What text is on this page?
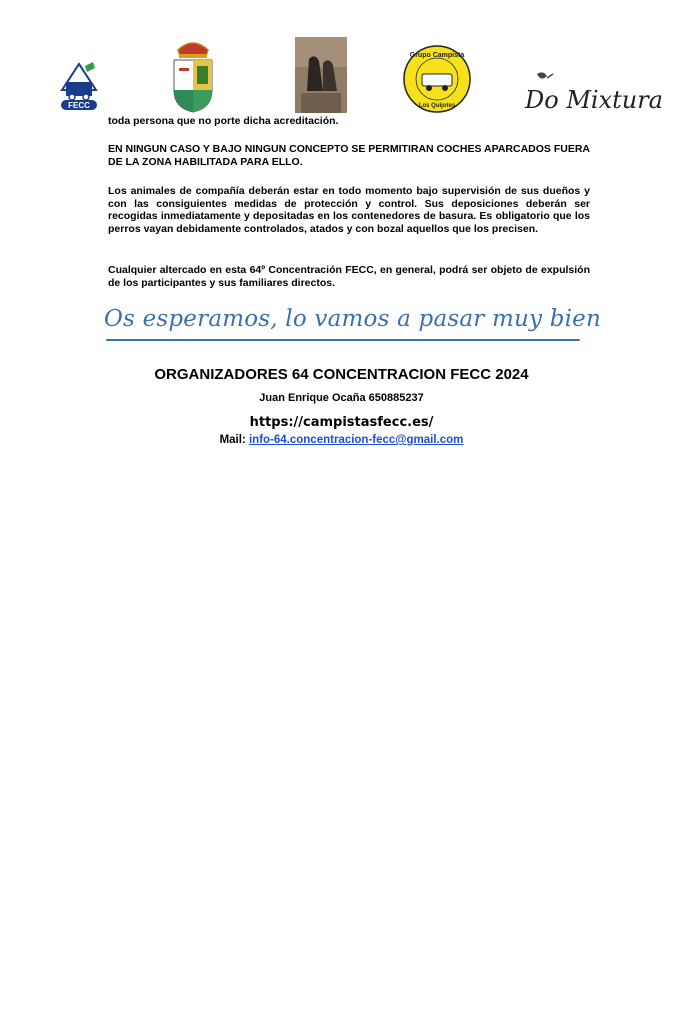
FECC
Grupo Campista
Los Quijotes	Do Mixtura

toda persona que no porte dicha acreditación.

EN NINGUN CASO Y BAJO NINGUN CONCEPTO SE PERMITIRAN COCHES APARCADOS FUERA DE LA ZONA HABILITADA PARA ELLO.

Los animales de compañía deberán estar en todo momento bajo supervisión de sus dueños y con las consiguientes medidas de protección y control. Sus deposiciones deberán ser recogidas inmediatamente y depositadas en los contenedores de basura. Es obligatorio que los perros vayan debidamente controlados, atados y con bozal aquellos que los precisen.

Cualquier altercado en esta 64º Concentración FECC, en general, podrá ser objeto de expulsión de los participantes y sus familiares directos.

Os esperamos, lo vamos a pasar muy bien
ORGANIZADORES 64 CONCENTRACION FECC 2024
Juan Enrique Ocaña 650885237
https://campistasfecc.es/
Mail: info-64.concentracion-fecc@gmail.com
